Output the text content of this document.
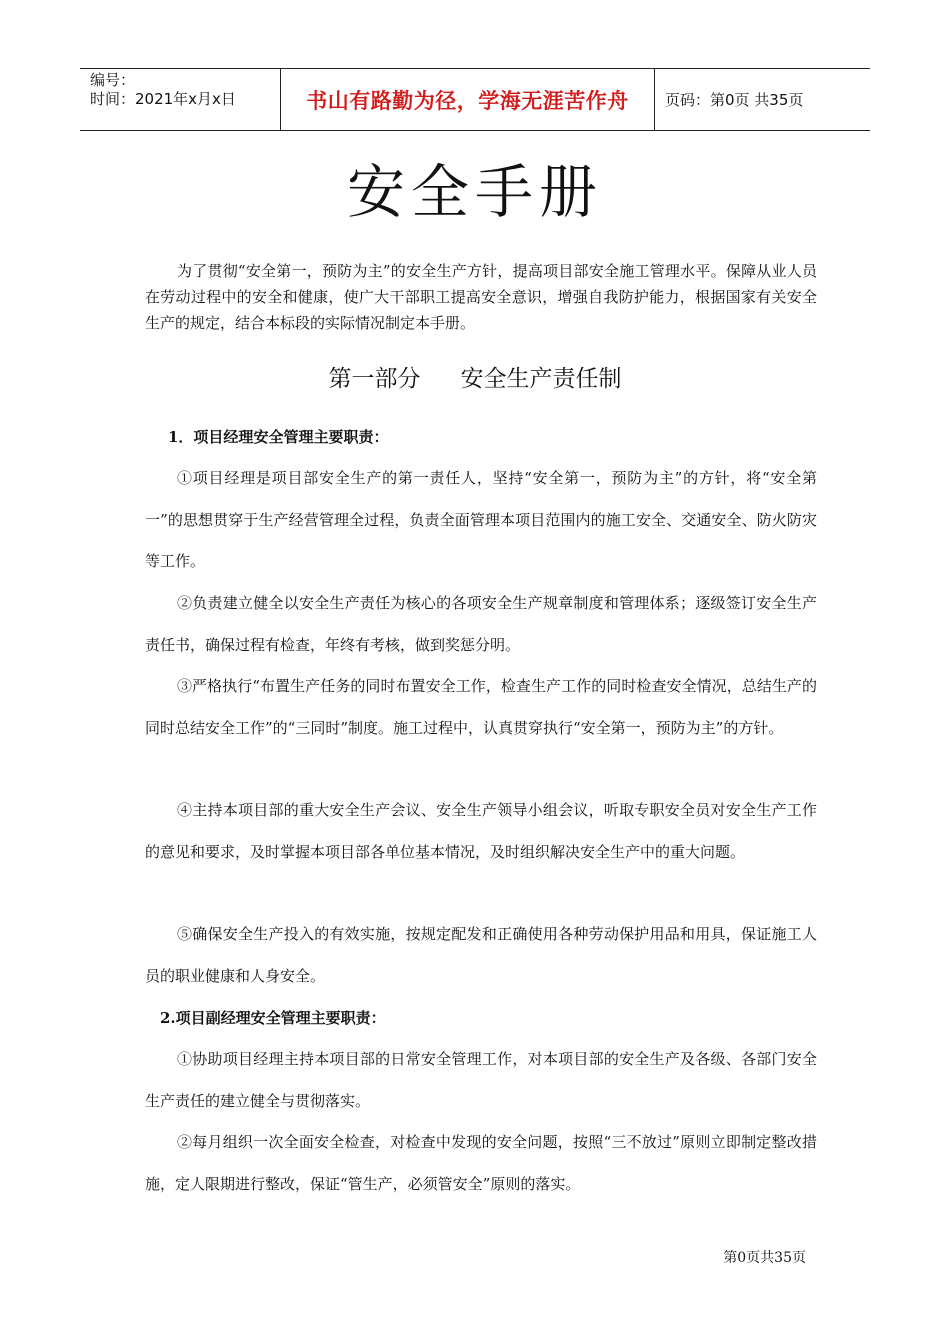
编号：
时间：2021年x月x日	书山有路勤为径，学海无涯苦作舟	页码：第0页 共35页
安全手册

为了贯彻“安全第一，预防为主”的安全生产方针，提高项目部安全施工管理水平。保障从业人员在劳动过程中的安全和健康，使广大干部职工提高安全意识，增强自我防护能力，根据国家有关安全生产的规定，结合本标段的实际情况制定本手册。

第一部分 安全生产责任制

1．项目经理安全管理主要职责：

①项目经理是项目部安全生产的第一责任人，坚持“安全第一，预防为主”的方针，将“安全第一”的思想贯穿于生产经营管理全过程，负责全面管理本项目范围内的施工安全、交通安全、防火防灾等工作。

②负责建立健全以安全生产责任为核心的各项安全生产规章制度和管理体系；逐级签订安全生产责任书，确保过程有检查，年终有考核，做到奖惩分明。

③严格执行“布置生产任务的同时布置安全工作，检查生产工作的同时检查安全情况，总结生产的同时总结安全工作”的“三同时”制度。施工过程中，认真贯穿执行“安全第一，预防为主”的方针。

④主持本项目部的重大安全生产会议、安全生产领导小组会议，听取专职安全员对安全生产工作的意见和要求，及时掌握本项目部各单位基本情况，及时组织解决安全生产中的重大问题。

⑤确保安全生产投入的有效实施，按规定配发和正确使用各种劳动保护用品和用具，保证施工人员的职业健康和人身安全。

2.项目副经理安全管理主要职责：

①协助项目经理主持本项目部的日常安全管理工作，对本项目部的安全生产及各级、各部门安全生产责任的建立健全与贯彻落实。

②每月组织一次全面安全检查，对检查中发现的安全问题，按照“三不放过”原则立即制定整改措施，定人限期进行整改，保证“管生产，必须管安全”原则的落实。

第0页共35页
